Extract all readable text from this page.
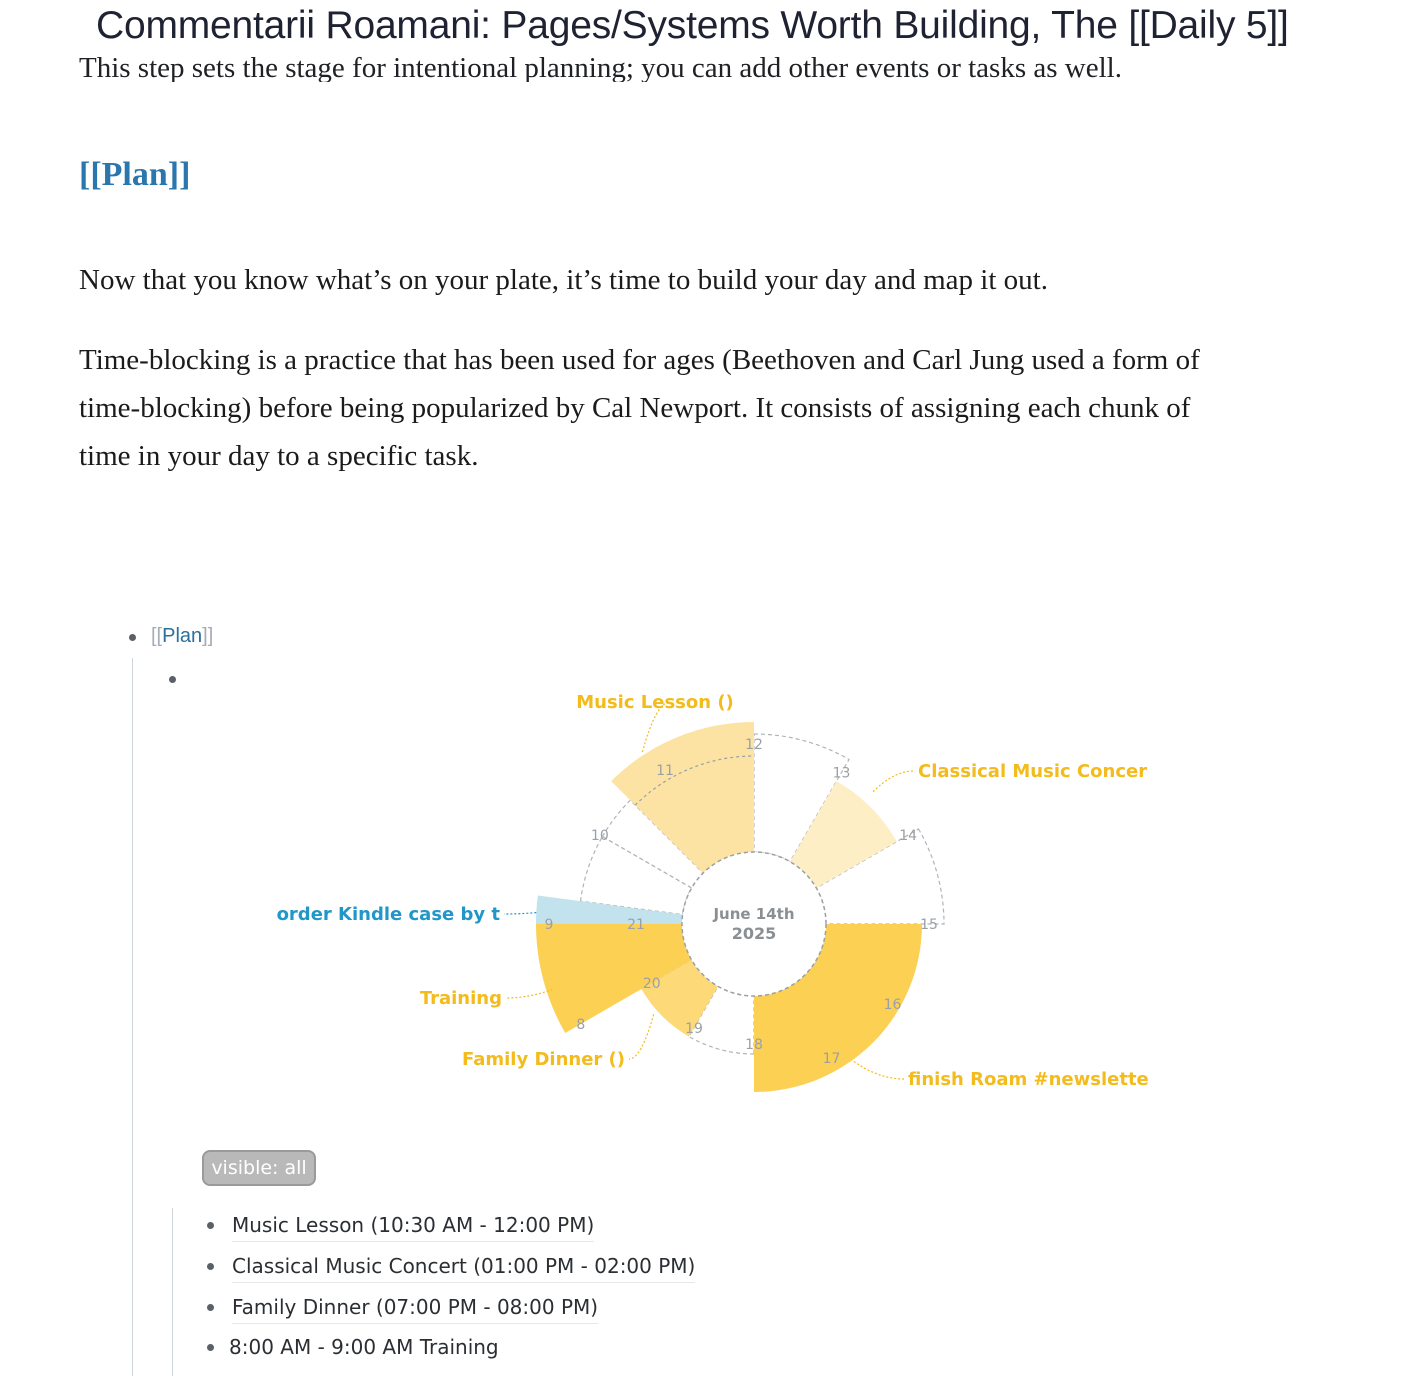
Commentarii Roamani: Pages/Systems Worth Building, The [[Daily 5]]
This step sets the stage for intentional planning; you can add other events or tasks as well.
[[Plan]]
Now that you know what’s on your plate, it’s time to build your day and map it out.
Time-blocking is a practice that has been used for ages (Beethoven and Carl Jung used a form of time-blocking) before being popularized by Cal Newport. It consists of assigning each chunk of time in your day to a specific task.
[[Plan]]
8
9
10
11
12
13
14
15
16
17
18
19
20
21
Music Lesson ()
Classical Music Concer
finish Roam #newslette
Family Dinner ()
Training
order Kindle case by t	June 14th
2025
visible: all
Music Lesson (10:30 AM - 12:00 PM)
Classical Music Concert (01:00 PM - 02:00 PM)
Family Dinner (07:00 PM - 08:00 PM)
8:00 AM - 9:00 AM Training
